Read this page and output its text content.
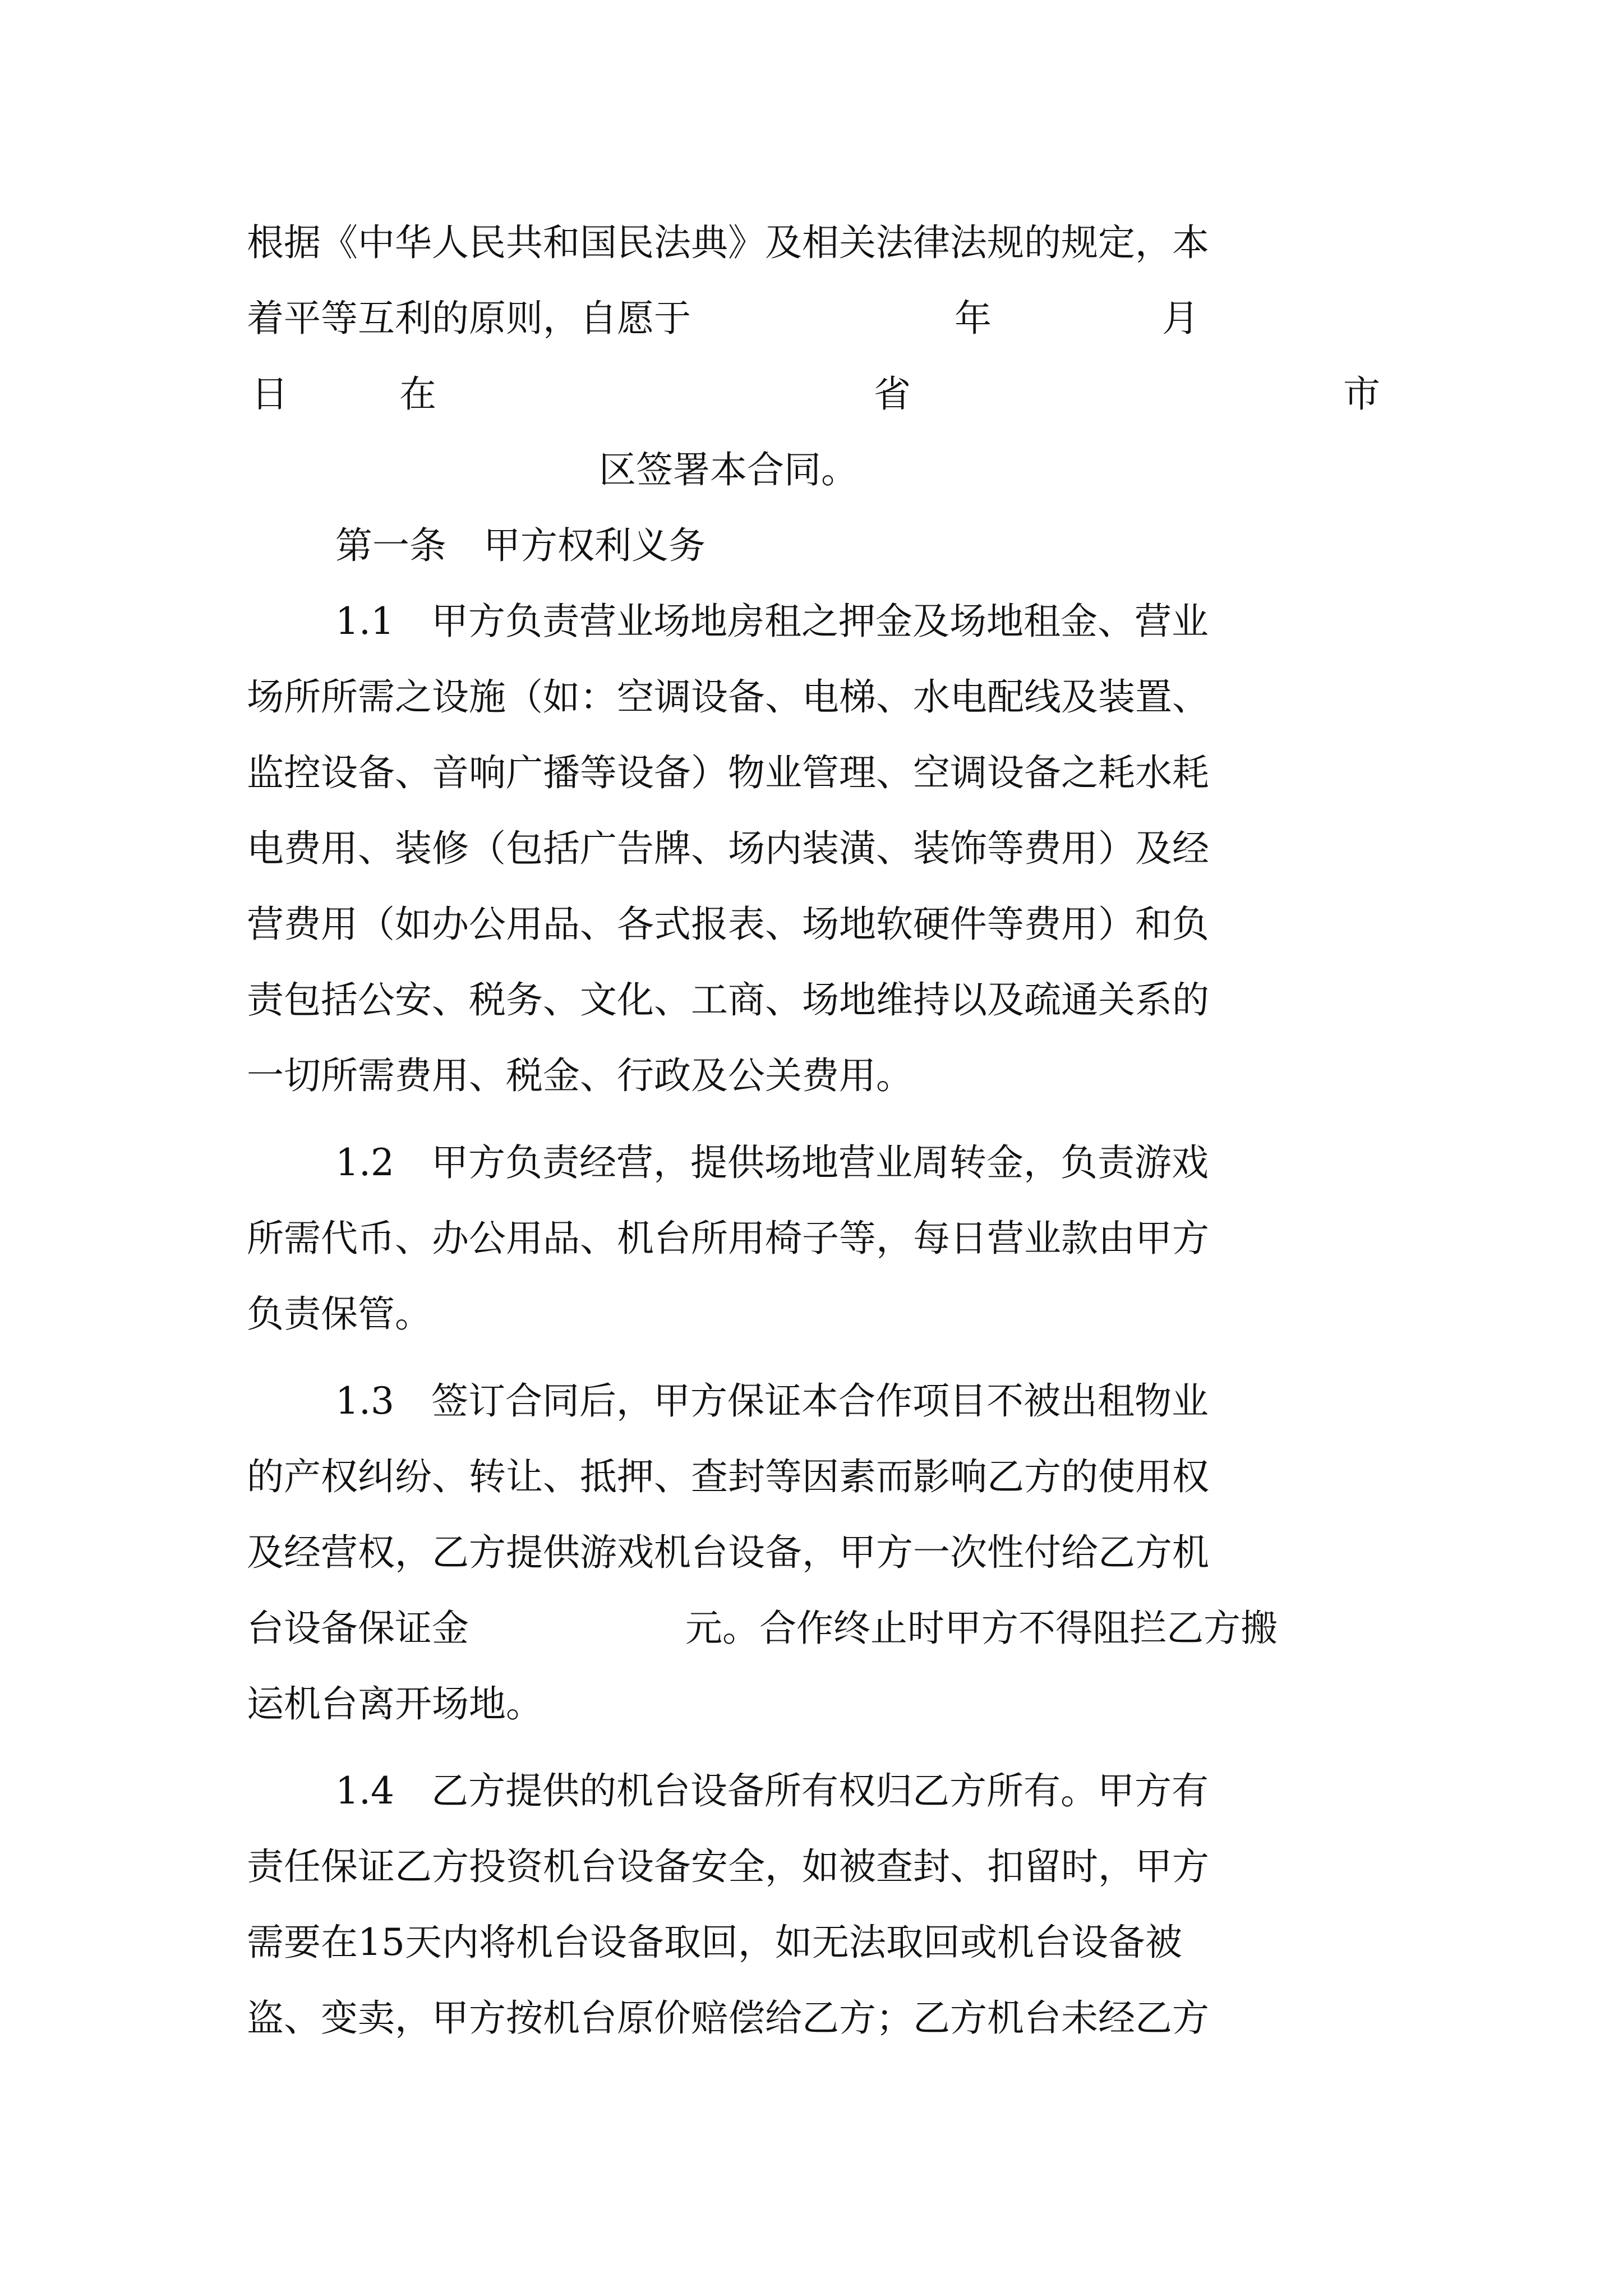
根据《中华人民共和国民法典》及相关法律法规的规定，本
着平等互利的原则，自愿于	年	月
日	在	省	市
区签署本合同。
第一条　甲方权利义务
1.1　甲方负责营业场地房租之押金及场地租金、营业
场所所需之设施（如：空调设备、电梯、水电配线及装置、
监控设备、音响广播等设备）物业管理、空调设备之耗水耗
电费用、装修（包括广告牌、场内装潢、装饰等费用）及经
营费用（如办公用品、各式报表、场地软硬件等费用）和负
责包括公安、税务、文化、工商、场地维持以及疏通关系的
一切所需费用、税金、行政及公关费用。
1.2　甲方负责经营，提供场地营业周转金，负责游戏
所需代币、办公用品、机台所用椅子等，每日营业款由甲方
负责保管。
1.3　签订合同后，甲方保证本合作项目不被出租物业
的产权纠纷、转让、抵押、查封等因素而影响乙方的使用权
及经营权，乙方提供游戏机台设备，甲方一次性付给乙方机
台设备保证金	元。合作终止时甲方不得阻拦乙方搬
运机台离开场地。
1.4　乙方提供的机台设备所有权归乙方所有。甲方有
责任保证乙方投资机台设备安全，如被查封、扣留时，甲方
需要在15天内将机台设备取回，如无法取回或机台设备被
盗、变卖，甲方按机台原价赔偿给乙方；乙方机台未经乙方
